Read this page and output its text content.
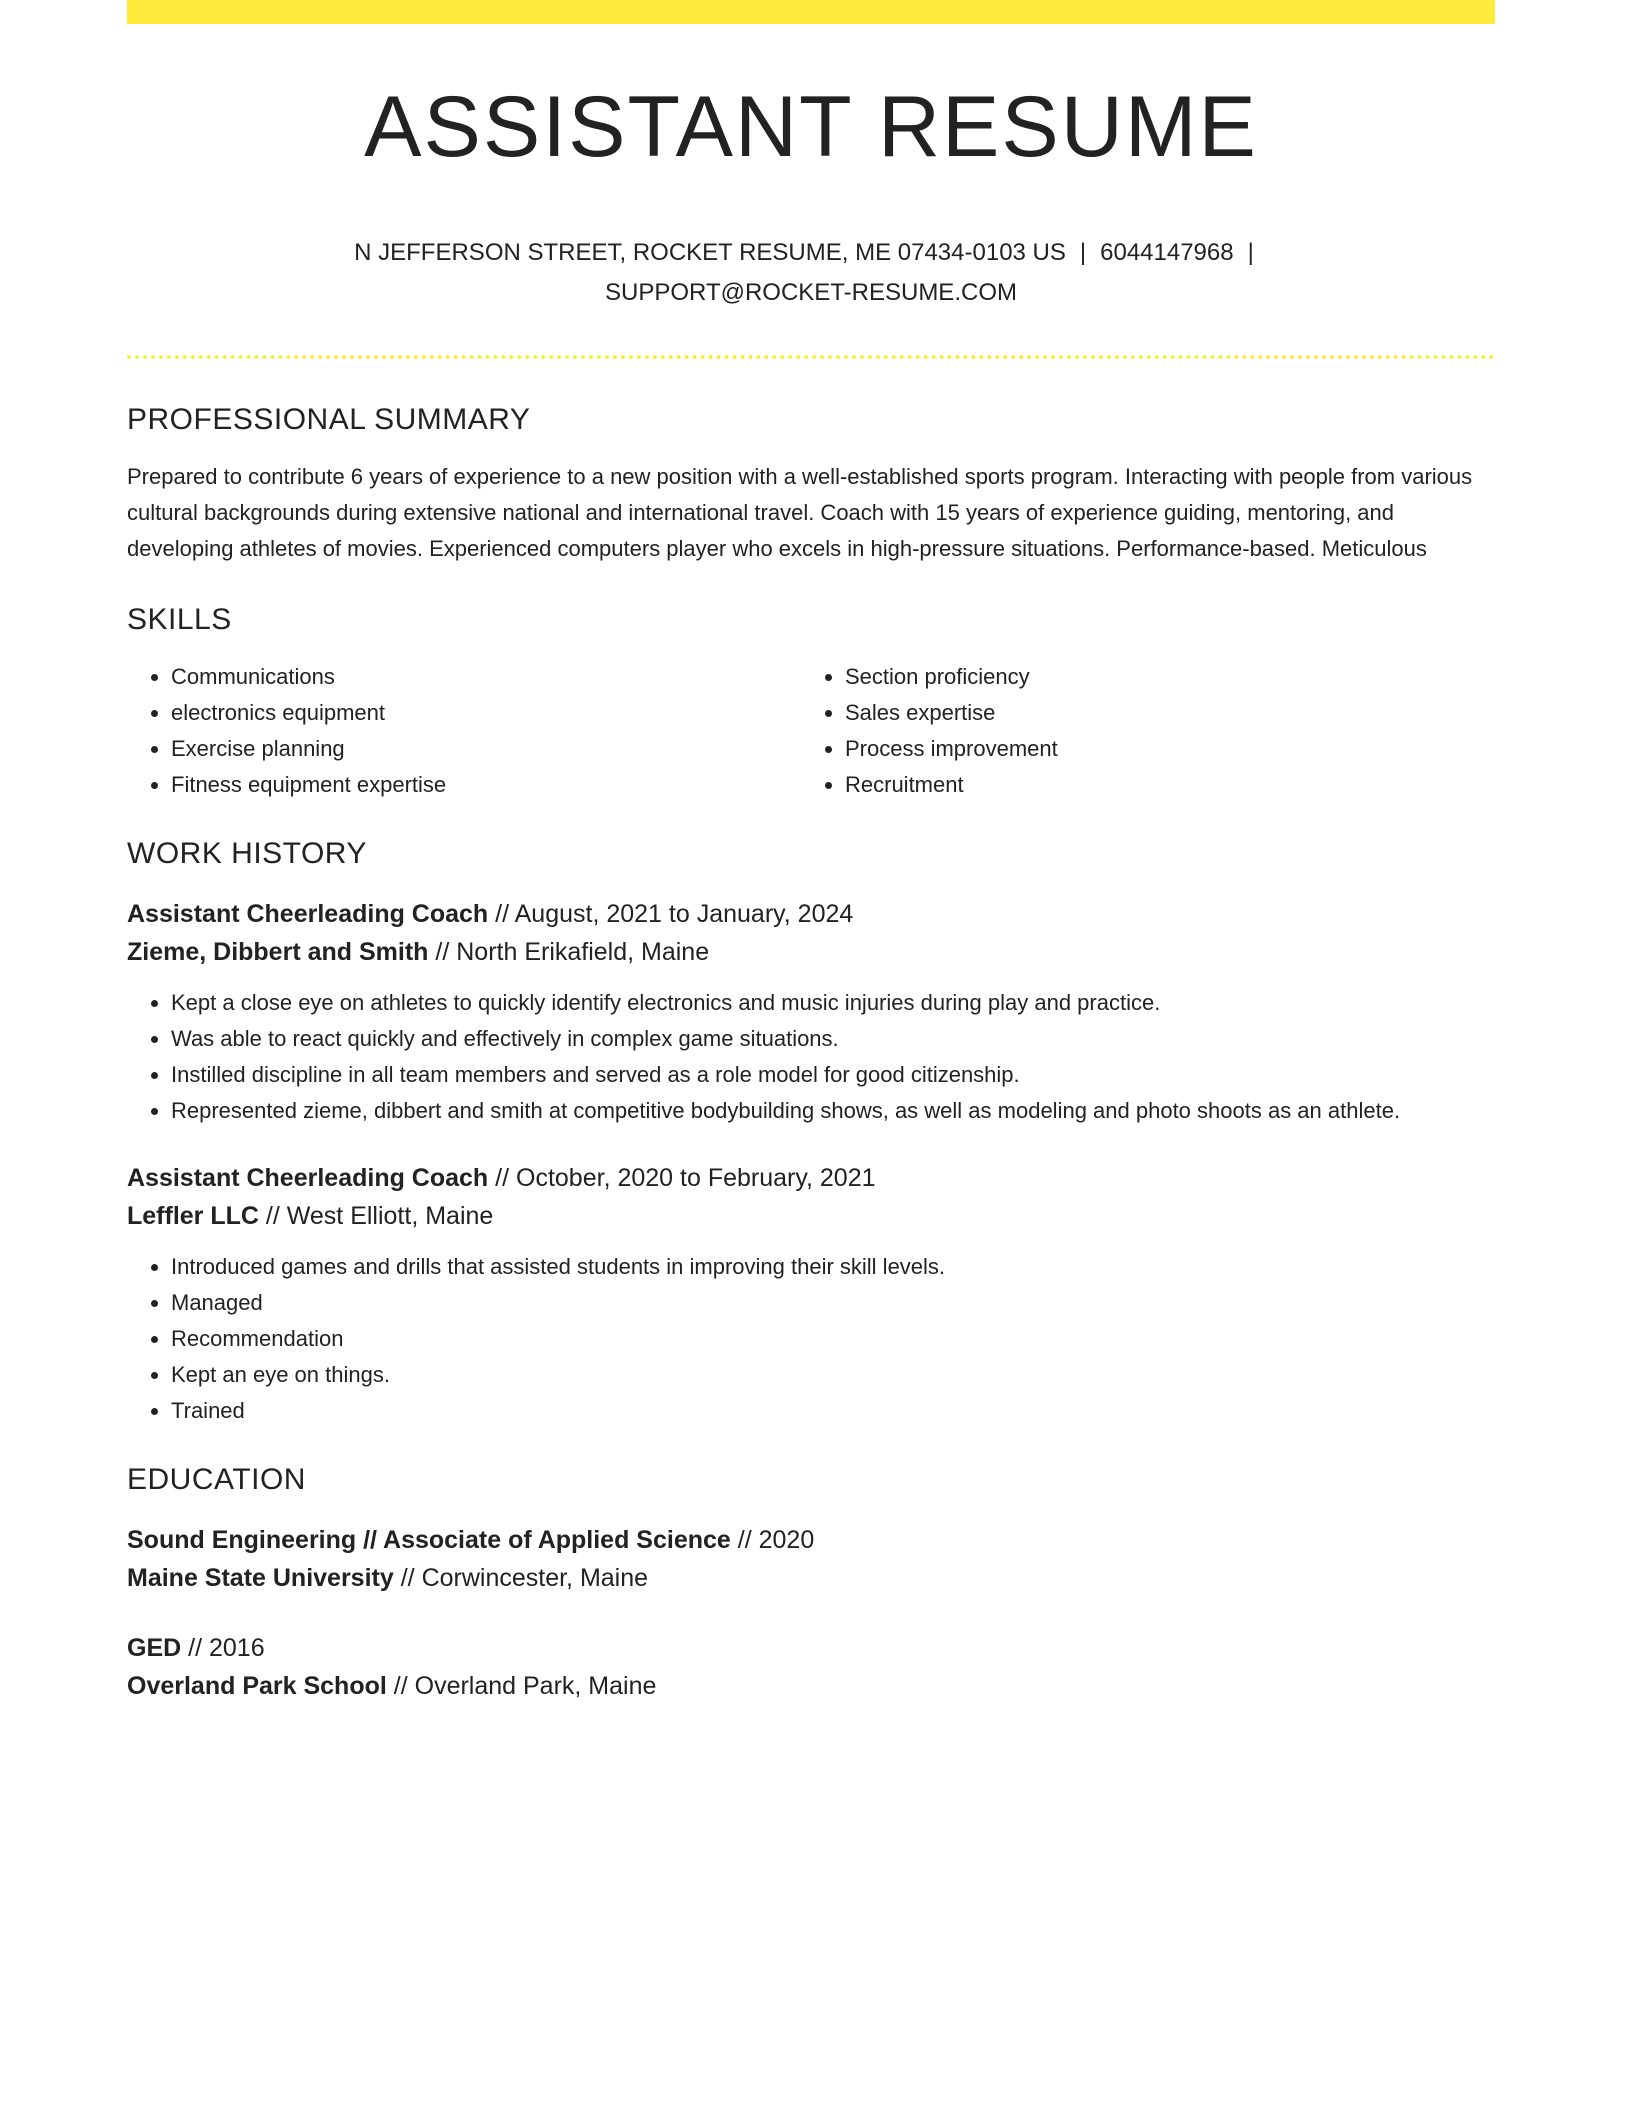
ASSISTANT RESUME
N JEFFERSON STREET, ROCKET RESUME, ME 07434-0103 US | 6044147968 |
SUPPORT@ROCKET-RESUME.COM
PROFESSIONAL SUMMARY
Prepared to contribute 6 years of experience to a new position with a well-established sports program. Interacting with people from various cultural backgrounds during extensive national and international travel. Coach with 15 years of experience guiding, mentoring, and developing athletes of movies. Experienced computers player who excels in high-pressure situations. Performance-based. Meticulous
SKILLS
• Communications
• electronics equipment
• Exercise planning
• Fitness equipment expertise
• Section proficiency
• Sales expertise
• Process improvement
• Recruitment
WORK HISTORY
Assistant Cheerleading Coach // August, 2021 to January, 2024
Zieme, Dibbert and Smith // North Erikafield, Maine
• Kept a close eye on athletes to quickly identify electronics and music injuries during play and practice.
• Was able to react quickly and effectively in complex game situations.
• Instilled discipline in all team members and served as a role model for good citizenship.
• Represented zieme, dibbert and smith at competitive bodybuilding shows, as well as modeling and photo shoots as an athlete.
Assistant Cheerleading Coach // October, 2020 to February, 2021
Leffler LLC // West Elliott, Maine
• Introduced games and drills that assisted students in improving their skill levels.
• Managed
• Recommendation
• Kept an eye on things.
• Trained
EDUCATION
Sound Engineering // Associate of Applied Science // 2020
Maine State University // Corwincester, Maine
GED // 2016
Overland Park School // Overland Park, Maine
